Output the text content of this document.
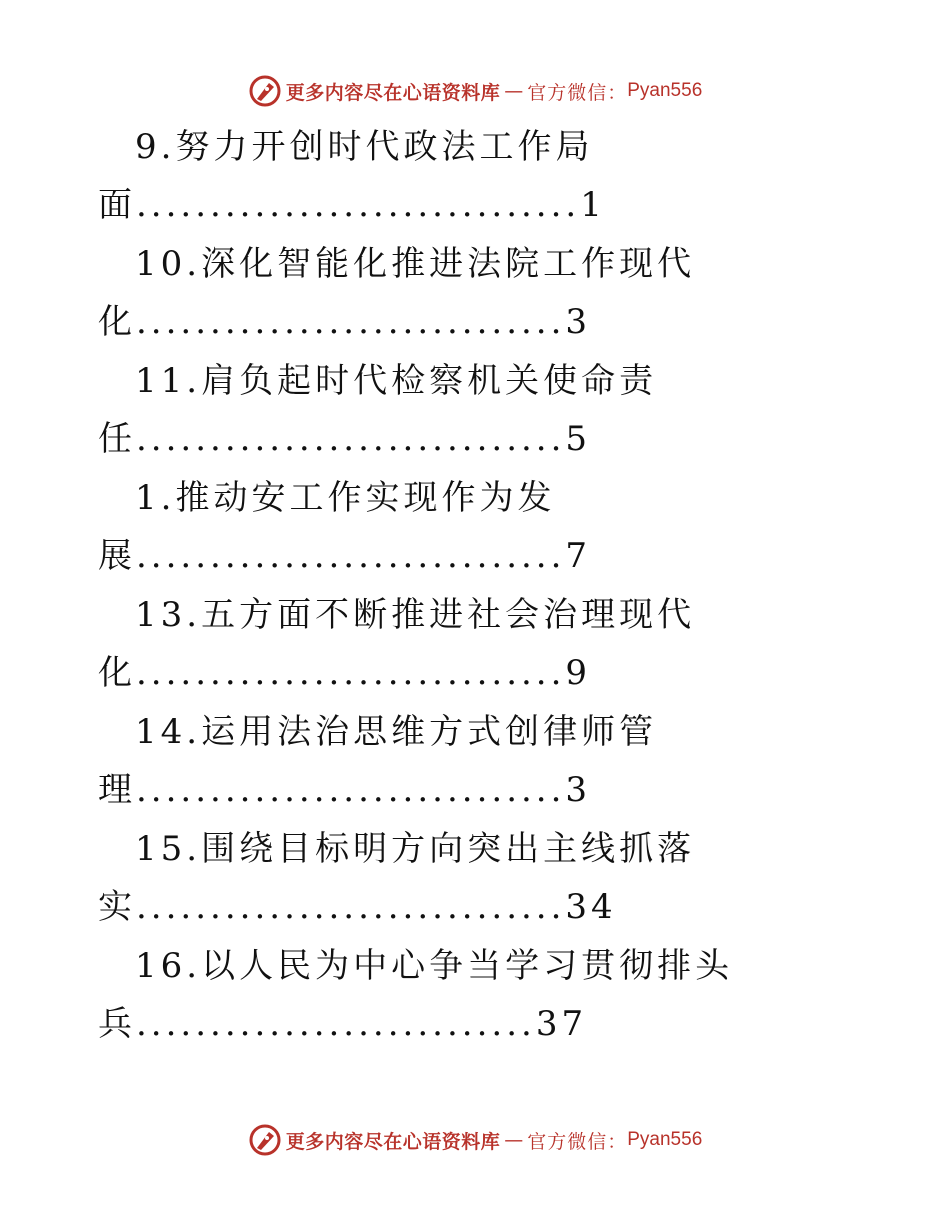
更多内容尽在心语资料库 — 官方微信： Pyan556
9.努力开创时代政法工作局
面..............................1
10.深化智能化推进法院工作现代
化.............................3
11.肩负起时代检察机关使命责
任.............................5
1.推动安工作实现作为发
展.............................7
13.五方面不断推进社会治理现代
化.............................9
14.运用法治思维方式创律师管
理.............................3
15.围绕目标明方向突出主线抓落
实.............................34
16.以人民为中心争当学习贯彻排头
兵...........................37
更多内容尽在心语资料库 — 官方微信： Pyan556
